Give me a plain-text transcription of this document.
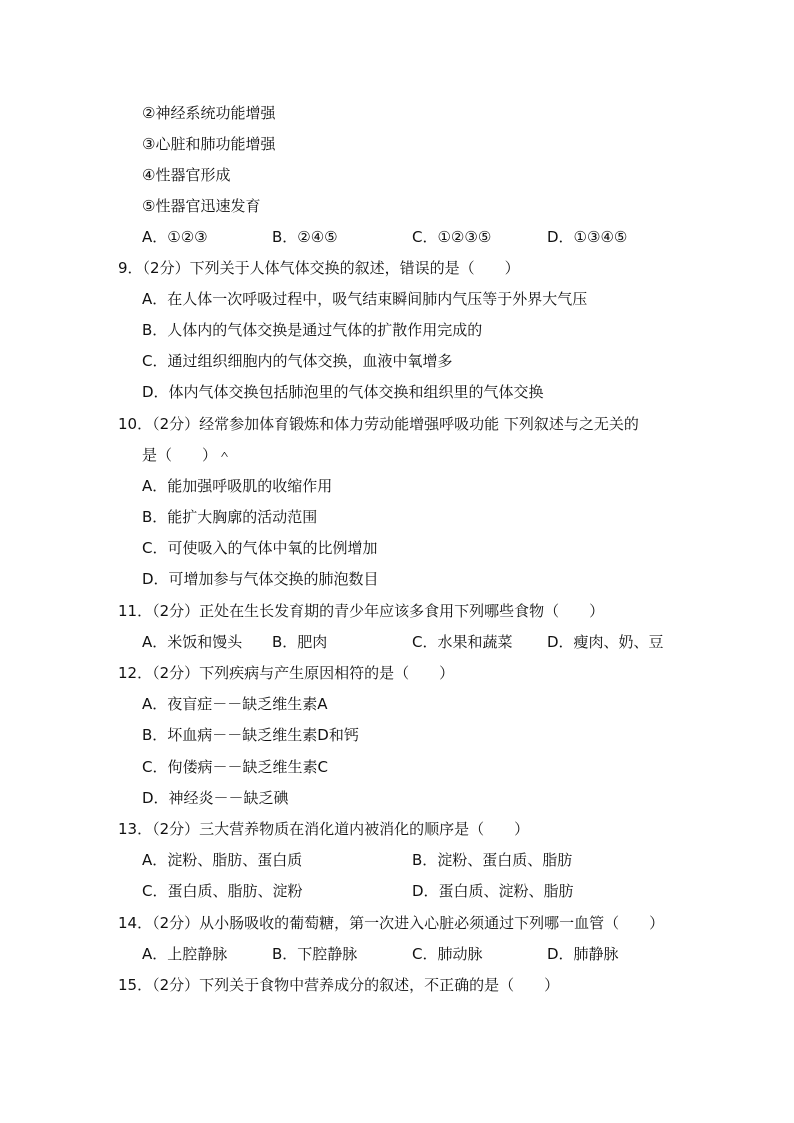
②神经系统功能增强
③心脏和肺功能增强
④性器官形成
⑤性器官迅速发育
A．①②③	B．②④⑤	C．①②③⑤	D．①③④⑤
9．（2分）下列关于人体气体交换的叙述，错误的是（　　）
A．在人体一次呼吸过程中，吸气结束瞬间肺内气压等于外界大气压
B．人体内的气体交换是通过气体的扩散作用完成的
C．通过组织细胞内的气体交换，血液中氧增多
D．体内气体交换包括肺泡里的气体交换和组织里的气体交换
10．（2分）经常参加体育锻炼和体力劳动能增强呼吸功能 下列叙述与之无关的
是（　　）＾
A．能加强呼吸肌的收缩作用
B．能扩大胸廓的活动范围
C．可使吸入的气体中氧的比例增加
D．可增加参与气体交换的肺泡数目
11．（2分）正处在生长发育期的青少年应该多食用下列哪些食物（　　）
A．米饭和馒头 B．肥肉	C．水果和蔬菜 D．瘦肉、奶、豆
12．（2分）下列疾病与产生原因相符的是（　　）
A．夜盲症－－缺乏维生素A
B．坏血病－－缺乏维生素D和钙
C．佝偻病－－缺乏维生素C
D．神经炎－－缺乏碘
13．（2分）三大营养物质在消化道内被消化的顺序是（　　）
A．淀粉、脂肪、蛋白质	B．淀粉、蛋白质、脂肪
C．蛋白质、脂肪、淀粉	D．蛋白质、淀粉、脂肪
14．（2分）从小肠吸收的葡萄糖，第一次进入心脏必须通过下列哪一血管（　　）
A．上腔静脉	B．下腔静脉	C．肺动脉	D．肺静脉
15．（2分）下列关于食物中营养成分的叙述，不正确的是（　　）
